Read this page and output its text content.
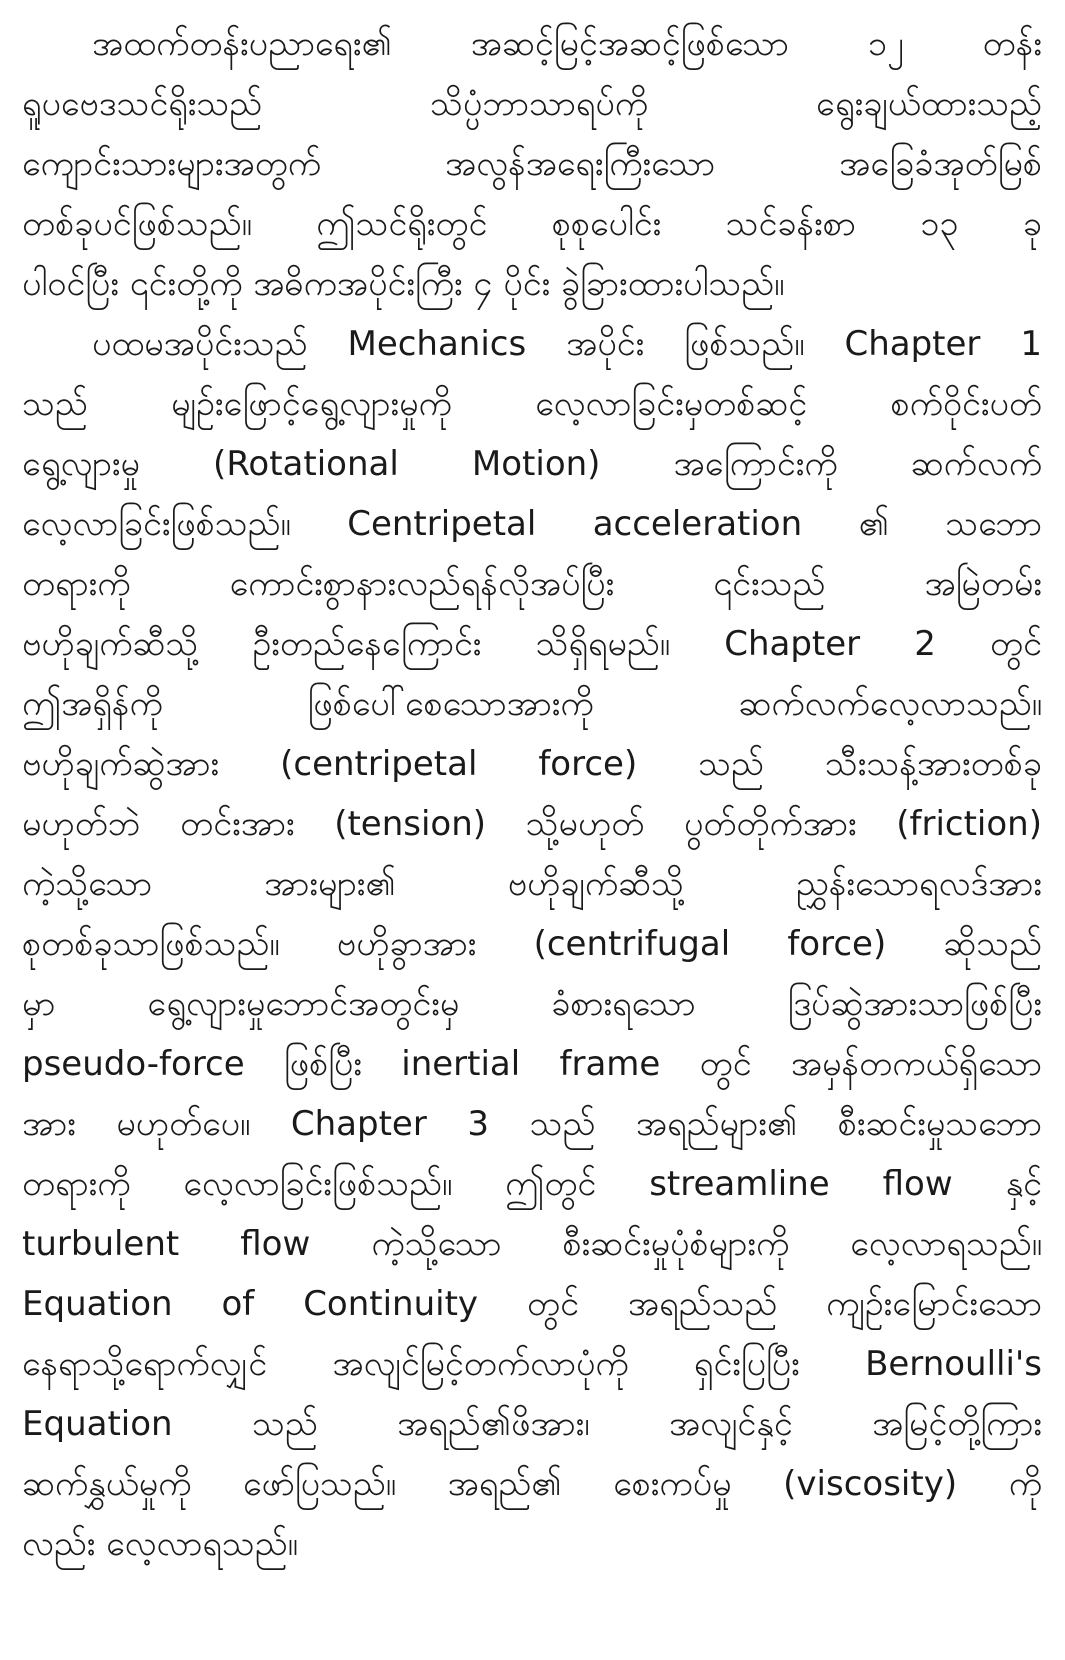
အထက်တန်းပညာရေး၏ အဆင့်မြင့်အဆင့်ဖြစ်သော ၁၂ တန်း
ရူပဗေဒသင်ရိုးသည် သိပ္ပံဘာသာရပ်ကို ရွေးချယ်ထားသည့်
ကျောင်းသားများအတွက် အလွန်အရေးကြီးသော အခြေခံအုတ်မြစ်
တစ်ခုပင်ဖြစ်သည်။ ဤသင်ရိုးတွင် စုစုပေါင်း သင်ခန်းစာ ၁၃ ခု
ပါဝင်ပြီး ၎င်းတို့ကို အဓိကအပိုင်းကြီး ၄ ပိုင်း ခွဲခြားထားပါသည်။
ပထမအပိုင်းသည် Mechanics အပိုင်း ဖြစ်သည်။ Chapter 1
သည် မျဉ်းဖြောင့်ရွေ့လျားမှုကို လေ့လာခြင်းမှတစ်ဆင့် စက်ဝိုင်းပတ်
ရွေ့လျားမှု (Rotational Motion) အကြောင်းကို ဆက်လက်
လေ့လာခြင်းဖြစ်သည်။ Centripetal acceleration ၏ သဘော
တရားကို ကောင်းစွာနားလည်ရန်လိုအပ်ပြီး ၎င်းသည် အမြဲတမ်း
ဗဟိုချက်ဆီသို့ ဦးတည်နေကြောင်း သိရှိရမည်။ Chapter 2 တွင်
ဤအရှိန်ကို ဖြစ်ပေါ်စေသောအားကို ဆက်လက်လေ့လာသည်။
ဗဟိုချက်ဆွဲအား (centripetal force) သည် သီးသန့်အားတစ်ခု
မဟုတ်ဘဲ တင်းအား (tension) သို့မဟုတ် ပွတ်တိုက်အား (friction)
ကဲ့သို့သော အားများ၏ ဗဟိုချက်ဆီသို့ ညွှန်းသောရလဒ်အား
စုတစ်ခုသာဖြစ်သည်။ ဗဟိုခွာအား (centrifugal force) ဆိုသည်
မှာ ရွေ့လျားမှုဘောင်အတွင်းမှ ခံစားရသော ဒြပ်ဆွဲအားသာဖြစ်ပြီး
pseudo-force ဖြစ်ပြီး inertial frame တွင် အမှန်တကယ်ရှိသော
အား မဟုတ်ပေ။ Chapter 3 သည် အရည်များ၏ စီးဆင်းမှုသဘော
တရားကို လေ့လာခြင်းဖြစ်သည်။ ဤတွင် streamline flow နှင့်
turbulent flow ကဲ့သို့သော စီးဆင်းမှုပုံစံများကို လေ့လာရသည်။
Equation of Continuity တွင် အရည်သည် ကျဉ်းမြောင်းသော
နေရာသို့ရောက်လျှင် အလျင်မြင့်တက်လာပုံကို ရှင်းပြပြီး Bernoulli's
Equation သည် အရည်၏ဖိအား၊ အလျင်နှင့် အမြင့်တို့ကြား
ဆက်နွှယ်မှုကို ဖော်ပြသည်။ အရည်၏ စေးကပ်မှု (viscosity) ကို
လည်း လေ့လာရသည်။
